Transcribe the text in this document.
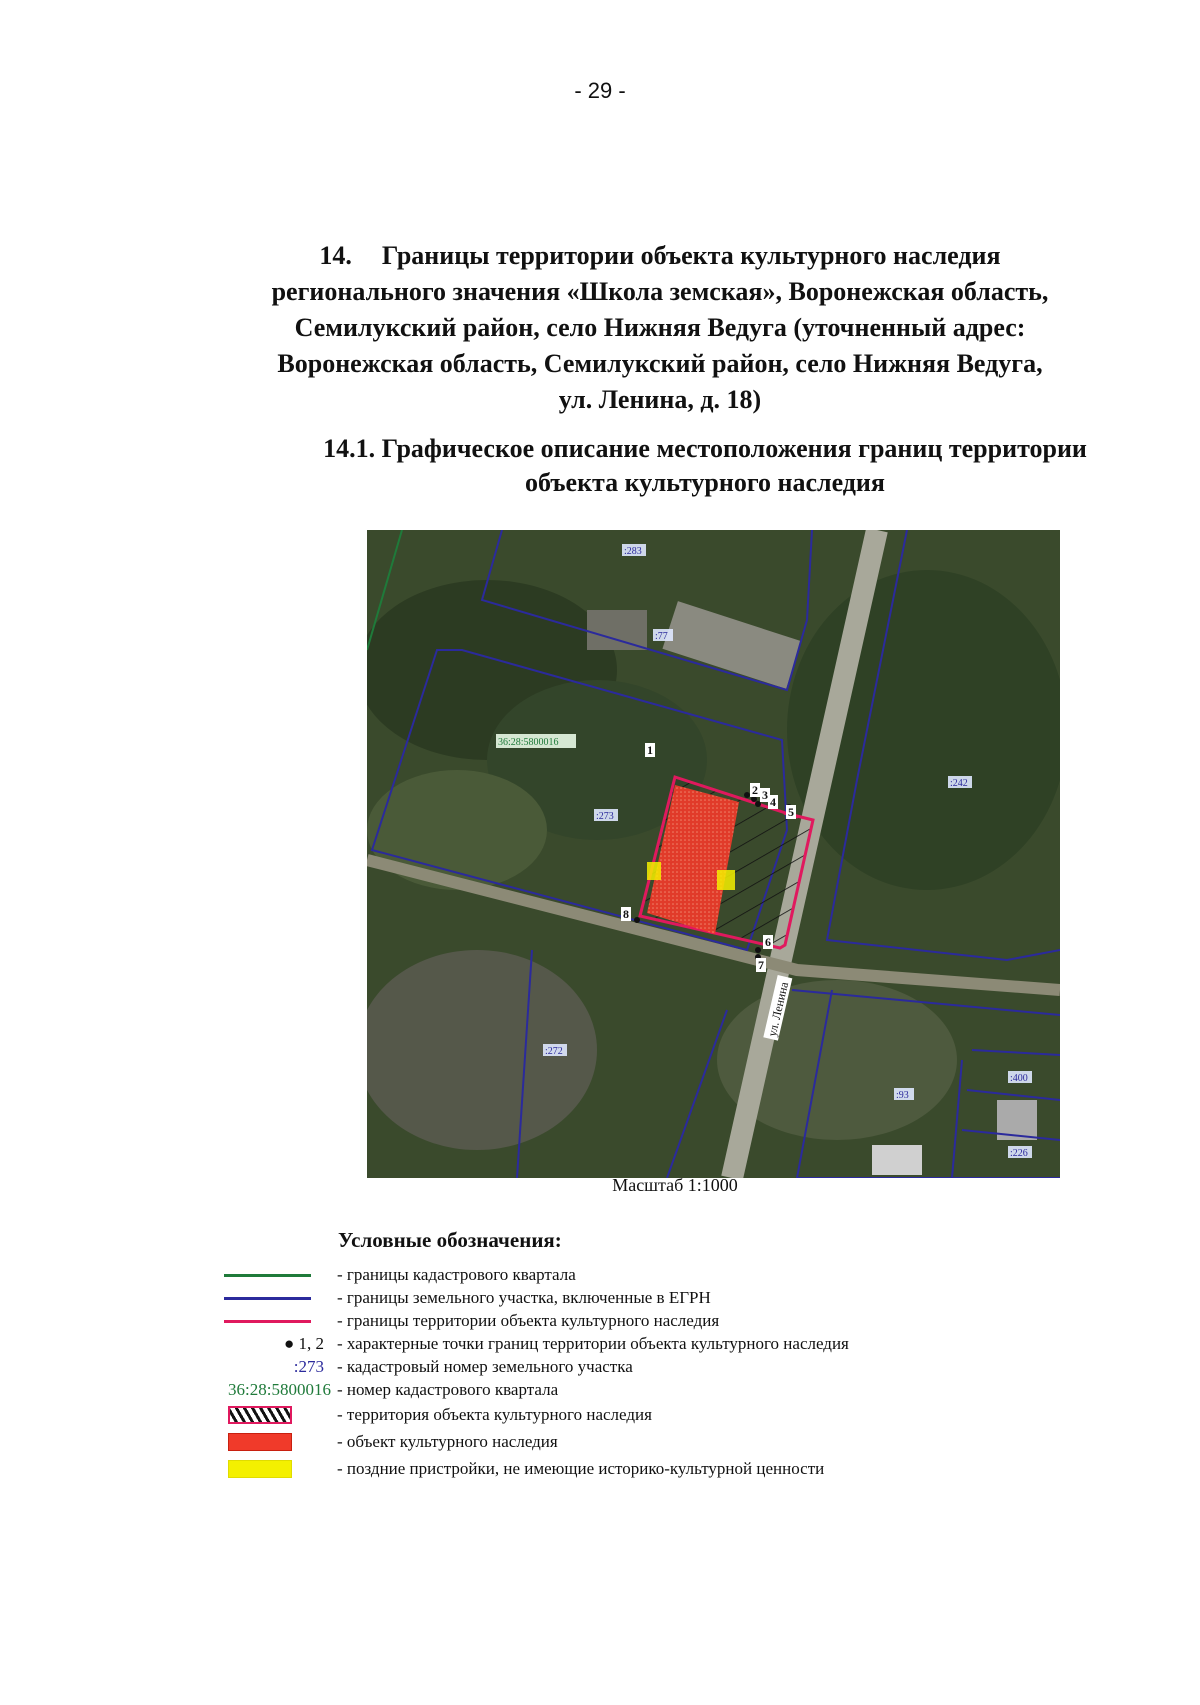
- 29 -
14. Границы территории объекта культурного наследия
регионального значения «Школа земская», Воронежская область,
Семилукский район, село Нижняя Ведуга (уточненный адрес:
Воронежская область, Семилукский район, село Нижняя Ведуга,
ул. Ленина, д. 18)
14.1. Графическое описание местоположения границ территории
объекта культурного наследия
1
2 3 4
5
6
7
8
:283
:77
:273
:242
:272
:93
:400
:226
36:28:5800016
ул. Ленина
Масштаб 1:1000
Условные обозначения:
- границы кадастрового квартала
- границы земельного участка, включенные в ЕГРН
- границы территории объекта культурного наследия
● 1, 2 - характерные точки границ территории объекта культурного наследия
:273 - кадастровый номер земельного участка
36:28:5800016 - номер кадастрового квартала
- территория объекта культурного наследия
- объект культурного наследия
- поздние пристройки, не имеющие историко-культурной ценности
